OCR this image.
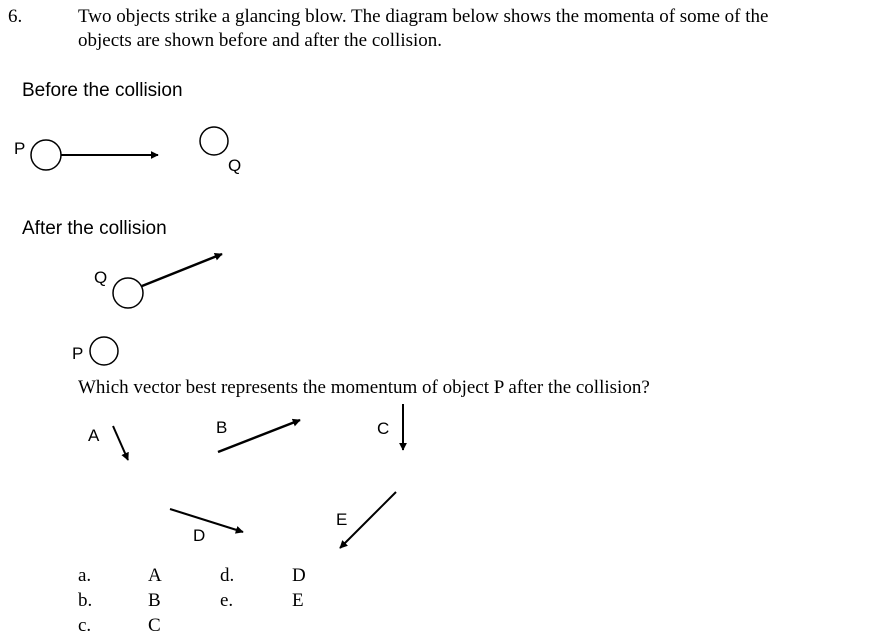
6.	Two objects strike a glancing blow. The diagram below shows the momenta of some of the
objects are shown before and after the collision.
Before the collision
P
Q
After the collision
Q
P
Which vector best represents the momentum of object P after the collision?
A	B	C
D
E
a.	A
b.	B
c.	C
d.	D
e.	E
